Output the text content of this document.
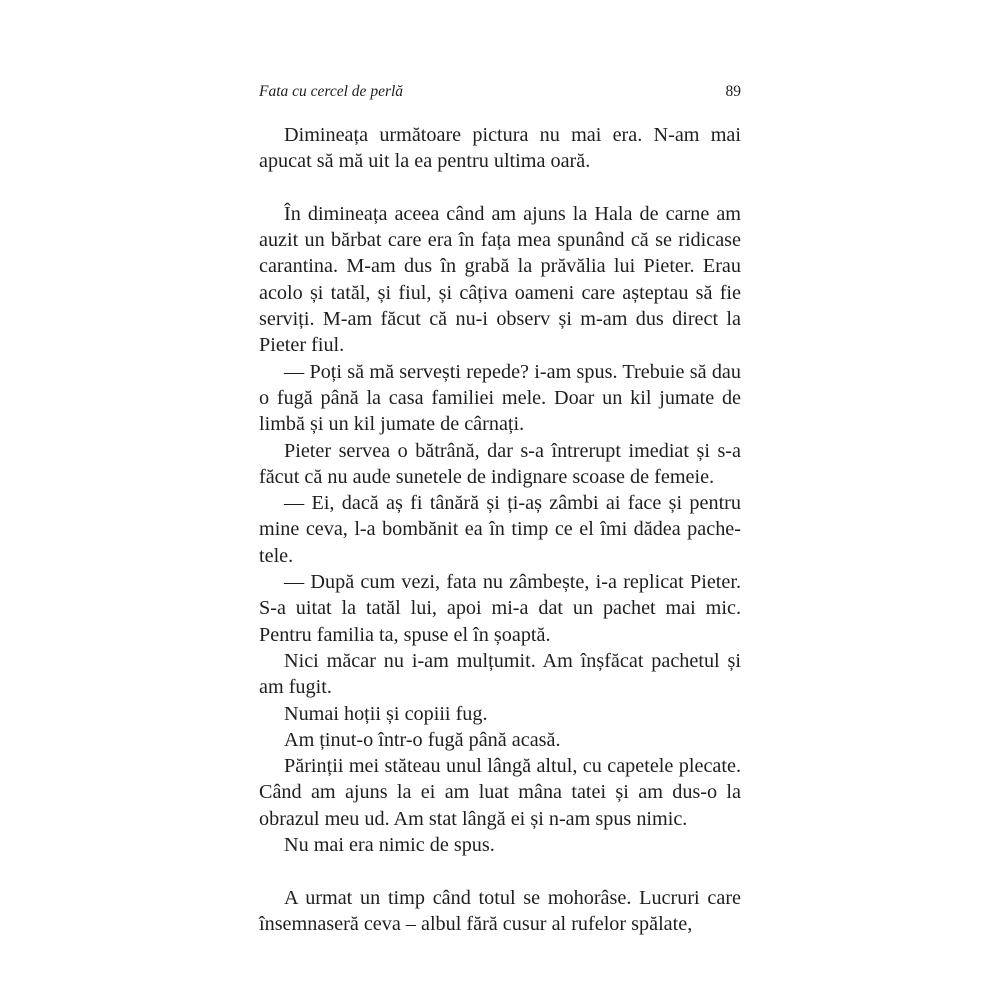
Fata cu cercel de perlă	89

Dimineața următoare pictura nu mai era. N-am mai apucat să mă uit la ea pentru ultima oară.

În dimineața aceea când am ajuns la Hala de carne am auzit un bărbat care era în fața mea spunând că se ridicase carantina. M-am dus în grabă la prăvălia lui Pieter. Erau acolo și tatăl, și fiul, și câțiva oameni care așteptau să fie serviți. M-am făcut că nu-i observ și m-am dus direct la Pieter fiul.

— Poți să mă servești repede? i-am spus. Trebuie să dau o fugă până la casa familiei mele. Doar un kil jumate de limbă și un kil jumate de cârnați.

Pieter servea o bătrână, dar s-a întrerupt imediat și s-a făcut că nu aude sunetele de indignare scoase de femeie.

— Ei, dacă aș fi tânără și ți-aș zâmbi ai face și pentru mine ceva, l-a bombănit ea în timp ce el îmi dădea pachetele.

— După cum vezi, fata nu zâmbește, i-a replicat Pieter. S-a uitat la tatăl lui, apoi mi-a dat un pachet mai mic. Pentru familia ta, spuse el în șoaptă.

Nici măcar nu i-am mulțumit. Am înșfăcat pachetul și am fugit.

Numai hoții și copiii fug.

Am ținut-o într-o fugă până acasă.

Părinții mei stăteau unul lângă altul, cu capetele plecate. Când am ajuns la ei am luat mâna tatei și am dus-o la obrazul meu ud. Am stat lângă ei și n-am spus nimic.

Nu mai era nimic de spus.

A urmat un timp când totul se mohorâse. Lucruri care însemnaseră ceva – albul fără cusur al rufelor spălate,
